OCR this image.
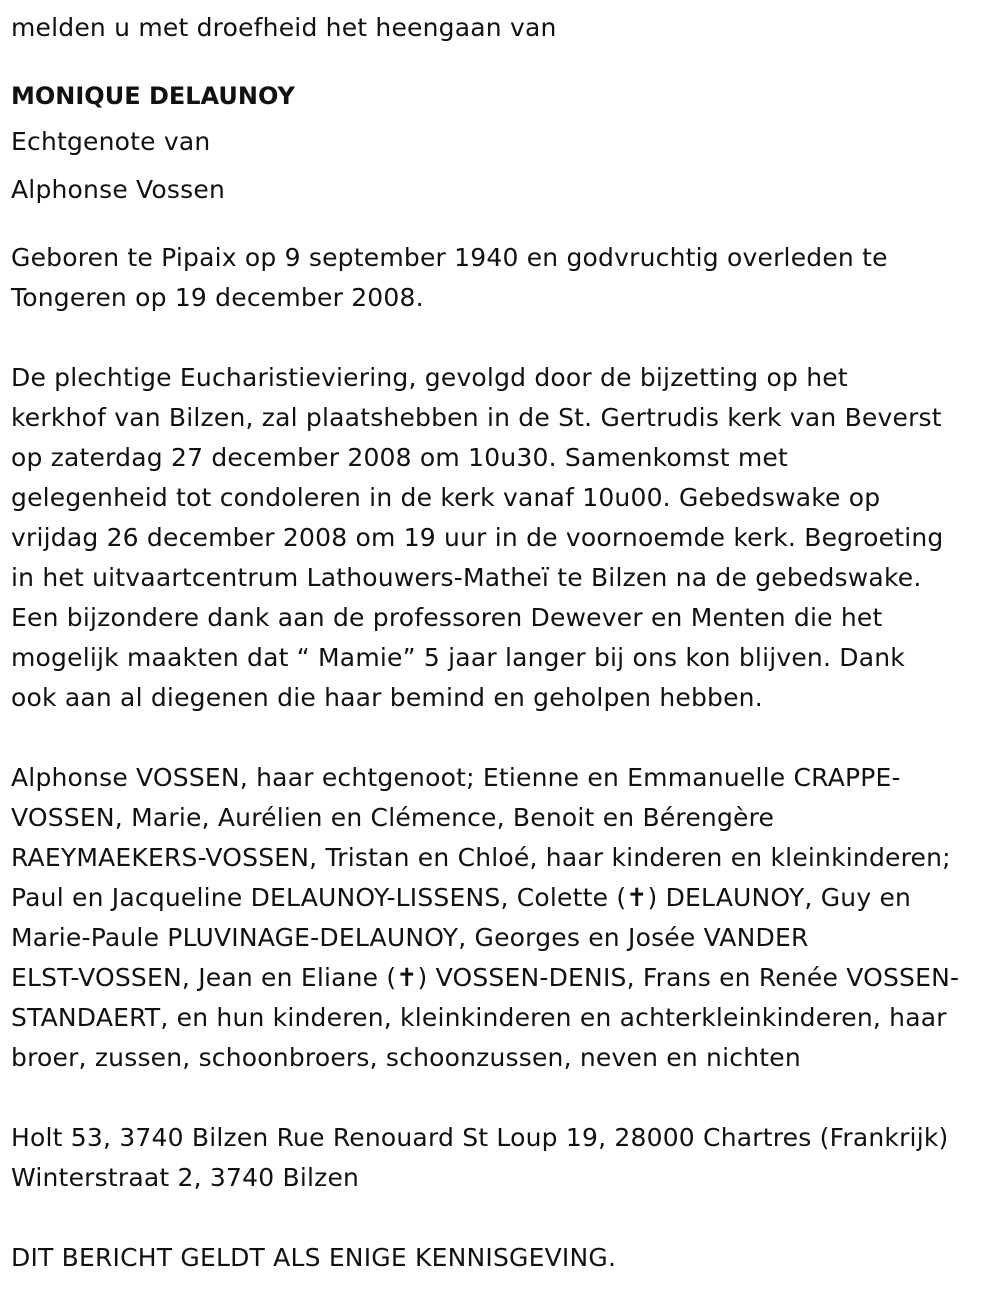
melden u met droefheid het heengaan van

MONIQUE DELAUNOY

Echtgenote van

Alphonse Vossen

Geboren te Pipaix op 9 september 1940 en godvruchtig overleden te

Tongeren op 19 december 2008.

De plechtige Eucharistieviering, gevolgd door de bijzetting op het

kerkhof van Bilzen, zal plaatshebben in de St. Gertrudis kerk van Beverst

op zaterdag 27 december 2008 om 10u30. Samenkomst met

gelegenheid tot condoleren in de kerk vanaf 10u00. Gebedswake op

vrijdag 26 december 2008 om 19 uur in de voornoemde kerk. Begroeting

in het uitvaartcentrum Lathouwers-Matheï te Bilzen na de gebedswake.

Een bijzondere dank aan de professoren Dewever en Menten die het

mogelijk maakten dat “ Mamie” 5 jaar langer bij ons kon blijven. Dank

ook aan al diegenen die haar bemind en geholpen hebben.

Alphonse VOSSEN, haar echtgenoot; Etienne en Emmanuelle CRAPPE-

VOSSEN, Marie, Aurélien en Clémence, Benoit en Bérengère

RAEYMAEKERS-VOSSEN, Tristan en Chloé, haar kinderen en kleinkinderen;

Paul en Jacqueline DELAUNOY-LISSENS, Colette (✝) DELAUNOY, Guy en

Marie-Paule PLUVINAGE-DELAUNOY, Georges en Josée VANDER

ELST-VOSSEN, Jean en Eliane (✝) VOSSEN-DENIS, Frans en Renée VOSSEN-

STANDAERT, en hun kinderen, kleinkinderen en achterkleinkinderen, haar

broer, zussen, schoonbroers, schoonzussen, neven en nichten

Holt 53, 3740 Bilzen Rue Renouard St Loup 19, 28000 Chartres (Frankrijk)

Winterstraat 2, 3740 Bilzen

DIT BERICHT GELDT ALS ENIGE KENNISGEVING.
